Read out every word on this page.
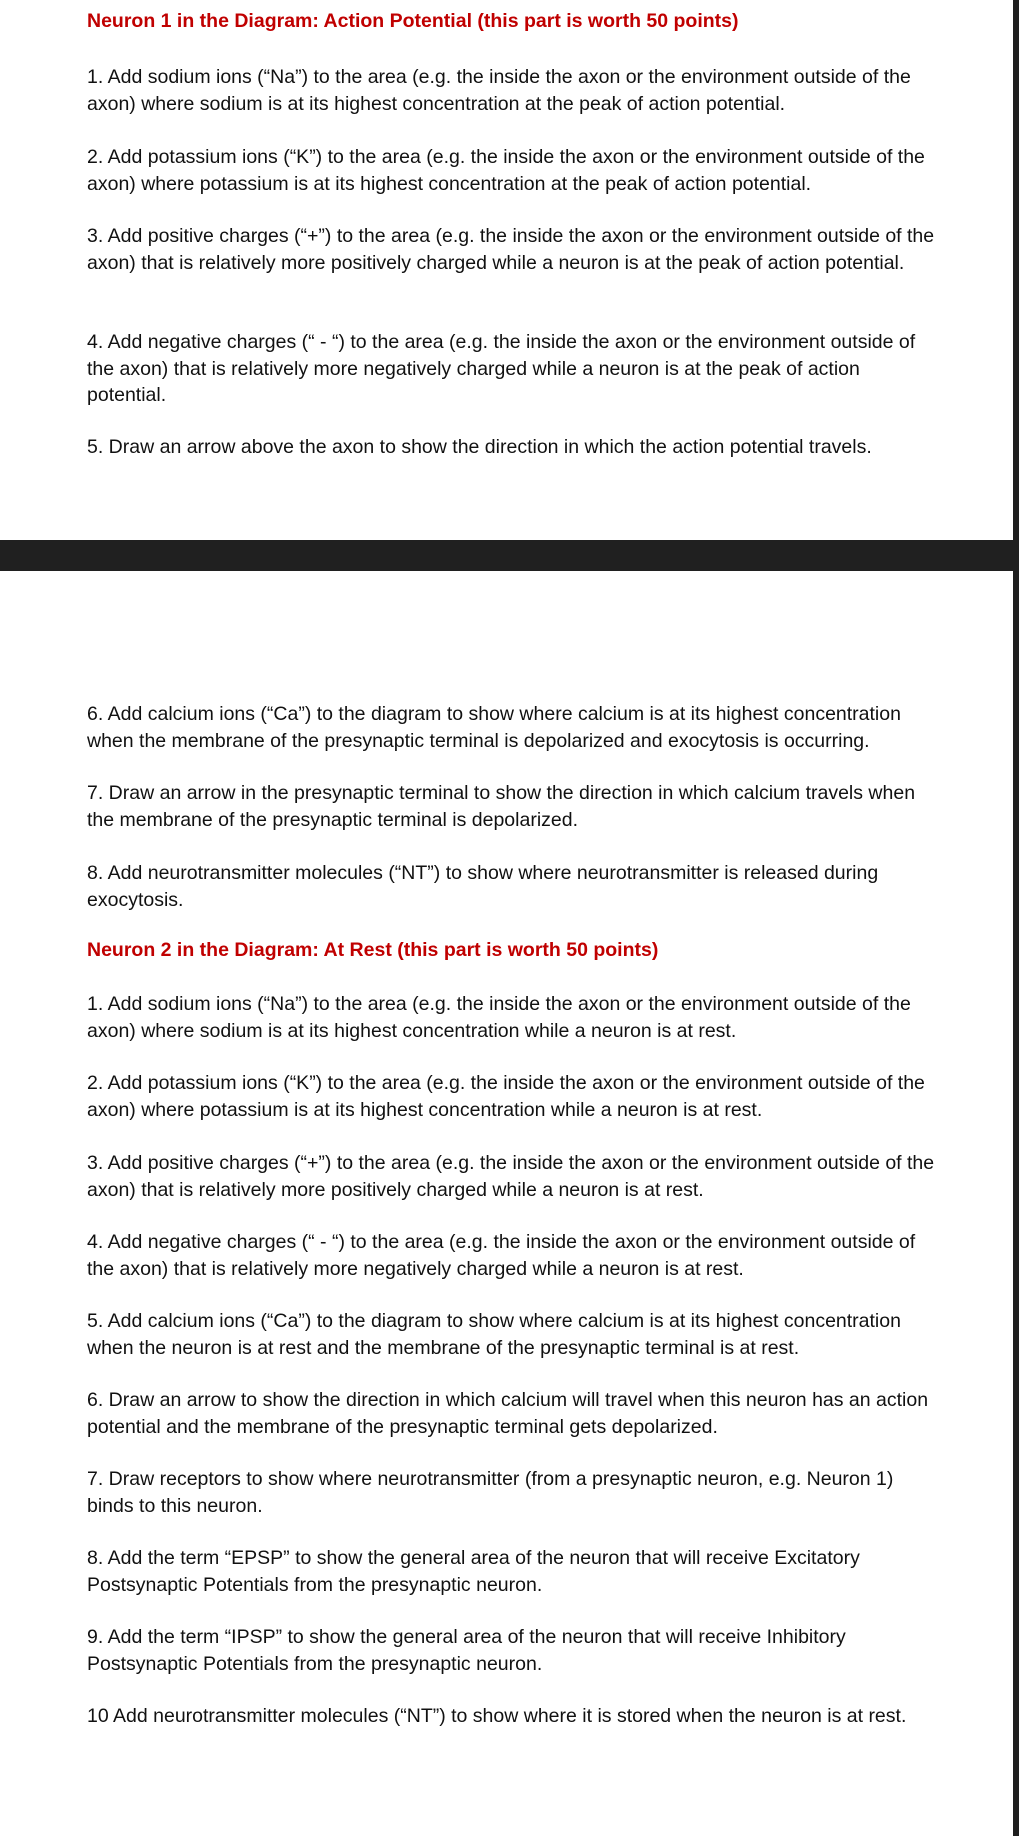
Neuron 1 in the Diagram: Action Potential (this part is worth 50 points)

1. Add sodium ions (“Na”) to the area (e.g. the inside the axon or the environment outside of the axon) where sodium is at its highest concentration at the peak of action potential.

2. Add potassium ions (“K”) to the area (e.g. the inside the axon or the environment outside of the axon) where potassium is at its highest concentration at the peak of action potential.

3. Add positive charges (“+”) to the area (e.g. the inside the axon or the environment outside of the axon) that is relatively more positively charged while a neuron is at the peak of action potential.

4. Add negative charges (“ - “) to the area (e.g. the inside the axon or the environment outside of the axon) that is relatively more negatively charged while a neuron is at the peak of action potential.

5. Draw an arrow above the axon to show the direction in which the action potential travels.

6. Add calcium ions (“Ca”) to the diagram to show where calcium is at its highest concentration when the membrane of the presynaptic terminal is depolarized and exocytosis is occurring.

7. Draw an arrow in the presynaptic terminal to show the direction in which calcium travels when the membrane of the presynaptic terminal is depolarized.

8. Add neurotransmitter molecules (“NT”) to show where neurotransmitter is released during exocytosis.

Neuron 2 in the Diagram: At Rest (this part is worth 50 points)

1. Add sodium ions (“Na”) to the area (e.g. the inside the axon or the environment outside of the axon) where sodium is at its highest concentration while a neuron is at rest.

2. Add potassium ions (“K”) to the area (e.g. the inside the axon or the environment outside of the axon) where potassium is at its highest concentration while a neuron is at rest.

3. Add positive charges (“+”) to the area (e.g. the inside the axon or the environment outside of the axon) that is relatively more positively charged while a neuron is at rest.

4. Add negative charges (“ - “) to the area (e.g. the inside the axon or the environment outside of the axon) that is relatively more negatively charged while a neuron is at rest.

5. Add calcium ions (“Ca”) to the diagram to show where calcium is at its highest concentration when the neuron is at rest and the membrane of the presynaptic terminal is at rest.

6. Draw an arrow to show the direction in which calcium will travel when this neuron has an action potential and the membrane of the presynaptic terminal gets depolarized.

7. Draw receptors to show where neurotransmitter (from a presynaptic neuron, e.g. Neuron 1) binds to this neuron.

8. Add the term “EPSP” to show the general area of the neuron that will receive Excitatory Postsynaptic Potentials from the presynaptic neuron.

9. Add the term “IPSP” to show the general area of the neuron that will receive Inhibitory Postsynaptic Potentials from the presynaptic neuron.

10 Add neurotransmitter molecules (“NT”) to show where it is stored when the neuron is at rest.
